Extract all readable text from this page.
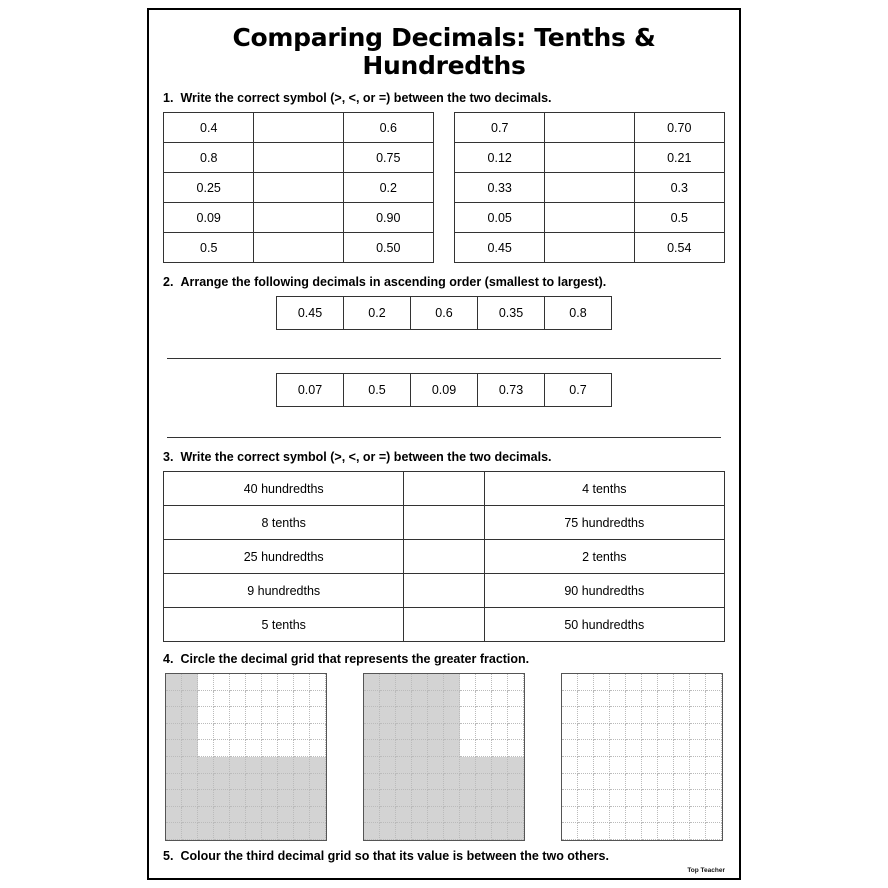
Comparing Decimals: Tenths & Hundredths
1. Write the correct symbol (>, <, or =) between the two decimals.
0.4		0.6
0.8		0.75
0.25		0.2
0.09		0.90
0.5		0.50
0.7		0.70
0.12		0.21
0.33		0.3
0.05		0.5
0.45		0.54
2. Arrange the following decimals in ascending order (smallest to largest).
0.45	0.2	0.6	0.35	0.8
0.07	0.5	0.09	0.73	0.7
3. Write the correct symbol (>, <, or =) between the two decimals.
40 hundredths		4 tenths
8 tenths		75 hundredths
25 hundredths		2 tenths
9 hundredths		90 hundredths
5 tenths		50 hundredths
4. Circle the decimal grid that represents the greater fraction.
5. Colour the third decimal grid so that its value is between the two others.
Top Teacher
